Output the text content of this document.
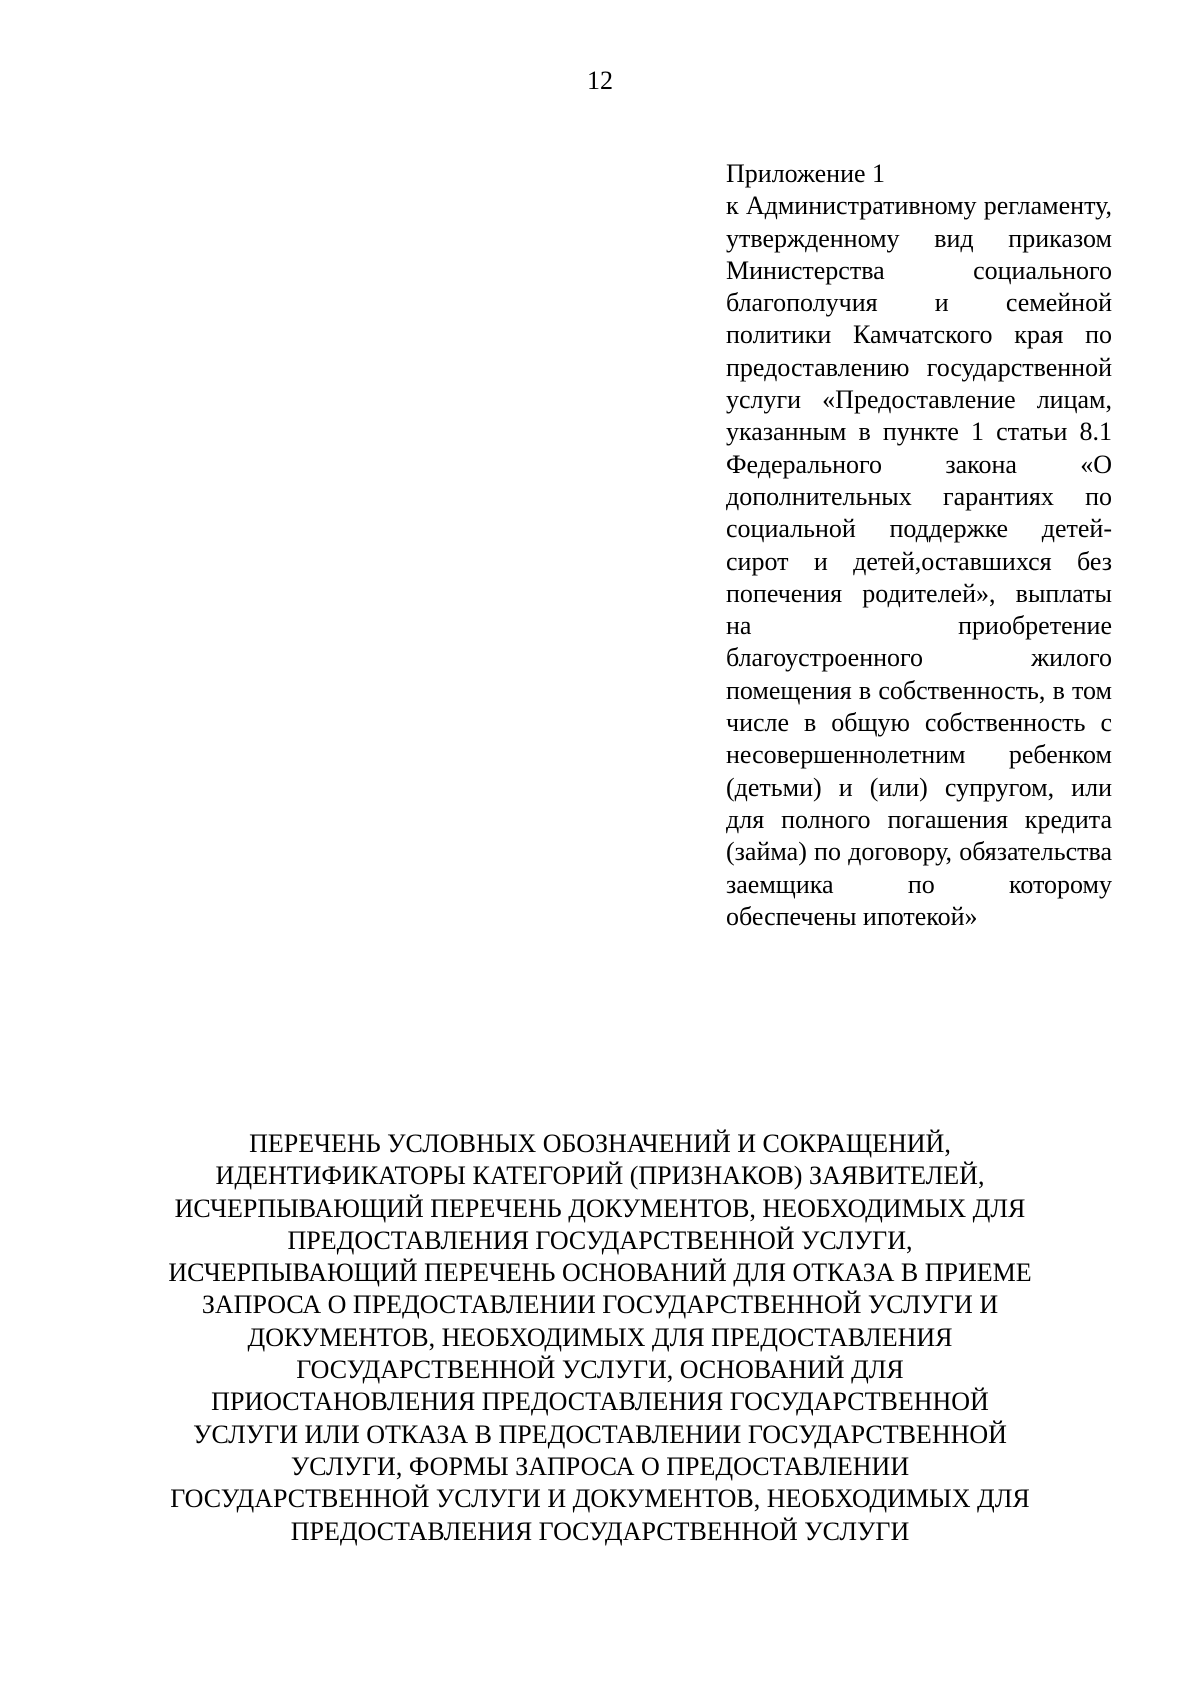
12
Приложение 1
к Административному регламенту, утвержденному вид приказом Министерства социального благополучия и семейной политики Камчатского края по предоставлению государственной услуги «Предоставление лицам, указанным в пункте 1 статьи 8.1 Федерального закона «О дополнительных гарантиях по социальной поддержке детей-сирот и детей,оставшихся без попечения родителей», выплаты на приобретение благоустроенного жилого помещения в собственность, в том числе в общую собственность с несовершеннолетним ребенком (детьми) и (или) супругом, или для полного погашения кредита (займа) по договору, обязательства заемщика по которому обеспечены ипотекой»
ПЕРЕЧЕНЬ УСЛОВНЫХ ОБОЗНАЧЕНИЙ И СОКРАЩЕНИЙ,
ИДЕНТИФИКАТОРЫ КАТЕГОРИЙ (ПРИЗНАКОВ) ЗАЯВИТЕЛЕЙ,
ИСЧЕРПЫВАЮЩИЙ ПЕРЕЧЕНЬ ДОКУМЕНТОВ, НЕОБХОДИМЫХ ДЛЯ
ПРЕДОСТАВЛЕНИЯ ГОСУДАРСТВЕННОЙ УСЛУГИ,
ИСЧЕРПЫВАЮЩИЙ ПЕРЕЧЕНЬ ОСНОВАНИЙ ДЛЯ ОТКАЗА В ПРИЕМЕ
ЗАПРОСА О ПРЕДОСТАВЛЕНИИ ГОСУДАРСТВЕННОЙ УСЛУГИ И
ДОКУМЕНТОВ, НЕОБХОДИМЫХ ДЛЯ ПРЕДОСТАВЛЕНИЯ
ГОСУДАРСТВЕННОЙ УСЛУГИ, ОСНОВАНИЙ ДЛЯ
ПРИОСТАНОВЛЕНИЯ ПРЕДОСТАВЛЕНИЯ ГОСУДАРСТВЕННОЙ
УСЛУГИ ИЛИ ОТКАЗА В ПРЕДОСТАВЛЕНИИ ГОСУДАРСТВЕННОЙ
УСЛУГИ, ФОРМЫ ЗАПРОСА О ПРЕДОСТАВЛЕНИИ
ГОСУДАРСТВЕННОЙ УСЛУГИ И ДОКУМЕНТОВ, НЕОБХОДИМЫХ ДЛЯ
ПРЕДОСТАВЛЕНИЯ ГОСУДАРСТВЕННОЙ УСЛУГИ
